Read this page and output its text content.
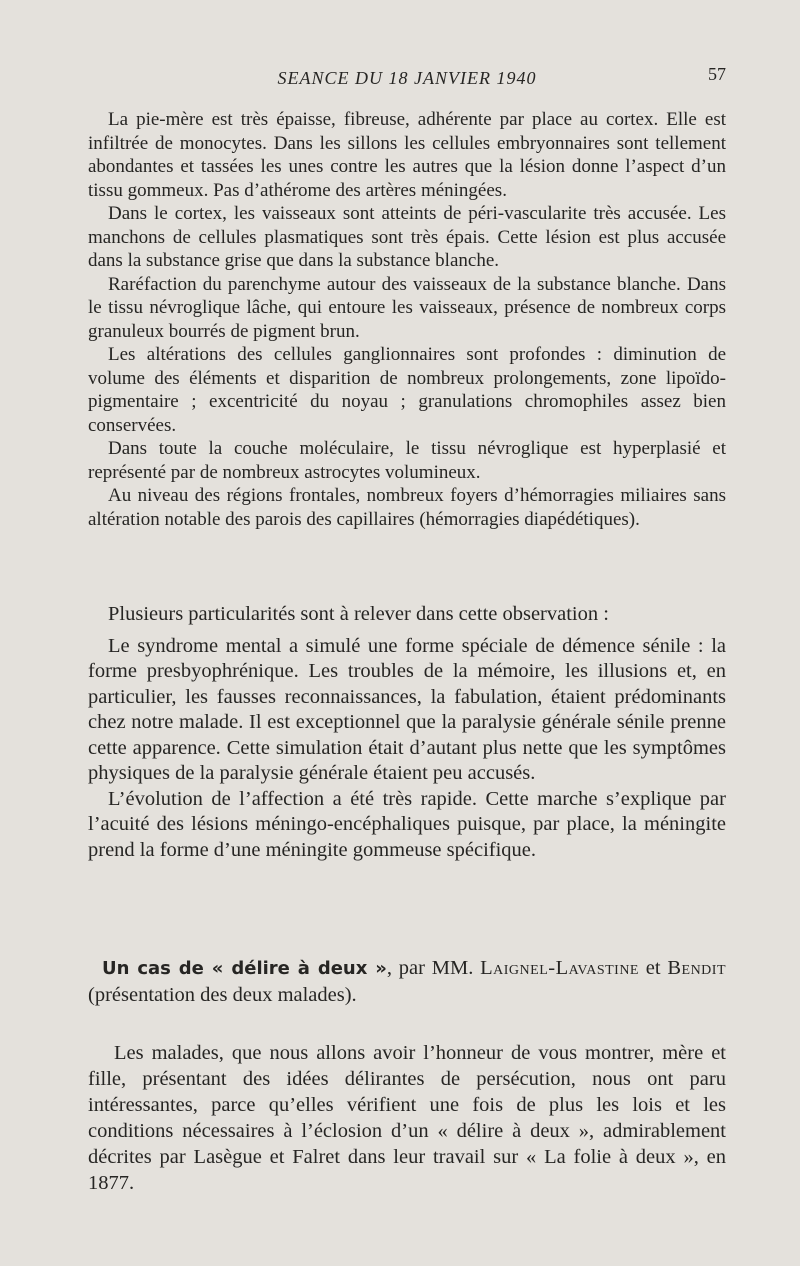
SEANCE DU 18 JANVIER 1940	57

La pie-mère est très épaisse, fibreuse, adhérente par place au cortex. Elle est infiltrée de monocytes. Dans les sillons les cellules embryonnaires sont tellement abondantes et tassées les unes contre les autres que la lésion donne l’aspect d’un tissu gommeux. Pas d’athérome des artères méningées.

Dans le cortex, les vaisseaux sont atteints de péri-vascularite très accusée. Les manchons de cellules plasmatiques sont très épais. Cette lésion est plus accusée dans la substance grise que dans la substance blanche.

Raréfaction du parenchyme autour des vaisseaux de la substance blanche. Dans le tissu névroglique lâche, qui entoure les vaisseaux, présence de nombreux corps granuleux bourrés de pigment brun.

Les altérations des cellules ganglionnaires sont profondes : diminution de volume des éléments et disparition de nombreux prolongements, zone lipoïdo-pigmentaire ; excentricité du noyau ; granulations chromophiles assez bien conservées.

Dans toute la couche moléculaire, le tissu névroglique est hyperplasié et représenté par de nombreux astrocytes volumineux.

Au niveau des régions frontales, nombreux foyers d’hémorragies miliaires sans altération notable des parois des capillaires (hémorragies diapédétiques).

Plusieurs particularités sont à relever dans cette observation :

Le syndrome mental a simulé une forme spéciale de démence sénile : la forme presbyophrénique. Les troubles de la mémoire, les illusions et, en particulier, les fausses reconnaissances, la fabulation, étaient prédominants chez notre malade. Il est exceptionnel que la paralysie générale sénile prenne cette apparence. Cette simulation était d’autant plus nette que les symptômes physiques de la paralysie générale étaient peu accusés.

L’évolution de l’affection a été très rapide. Cette marche s’explique par l’acuité des lésions méningo-encéphaliques puisque, par place, la méningite prend la forme d’une méningite gommeuse spécifique.

Un cas de « délire à deux », par MM. Laignel-Lavastine et Bendit (présentation des deux malades).

Les malades, que nous allons avoir l’honneur de vous montrer, mère et fille, présentant des idées délirantes de persécution, nous ont paru intéressantes, parce qu’elles vérifient une fois de plus les lois et les conditions nécessaires à l’éclosion d’un « délire à deux », admirablement décrites par Lasègue et Falret dans leur travail sur « La folie à deux », en 1877.
